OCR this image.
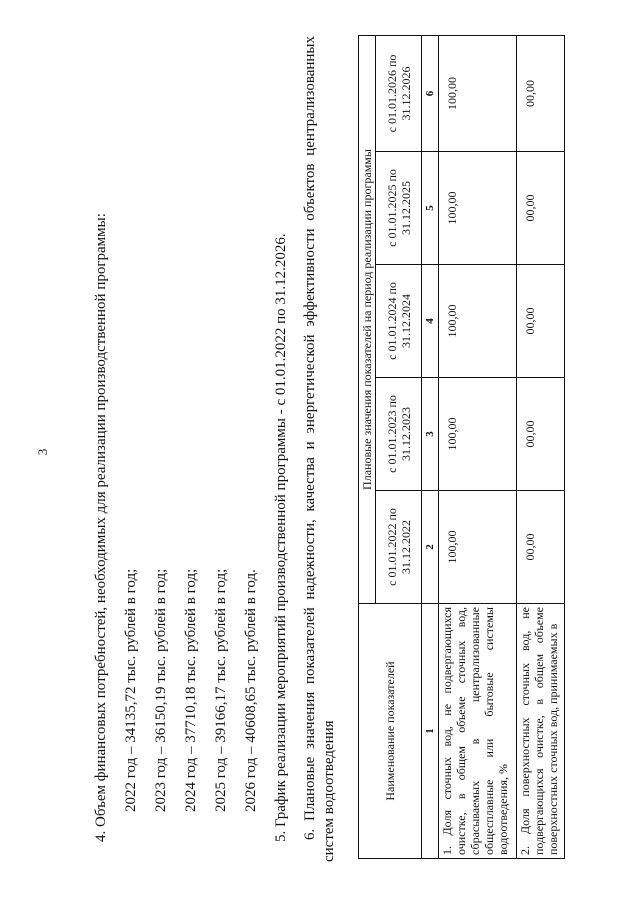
3	4. Объем финансовых потребностей, необходимых для реализации производственной программы: 2022 год – 34135,72 тыс. рублей в год; 2023 год – 36150,19 тыс. рублей в год; 2024 год – 37710,18 тыс. рублей в год; 2025 год – 39166,17 тыс. рублей в год; 2026 год – 40608,65 тыс. рублей в год. 5. График реализации мероприятий производственной программы - с 01.01.2022 по 31.12.2026. 6. Плановые значения показателей надежности, качества и энергетической эффективности объектов централизованных систем водоотведения	Наименование показателей	Плановые значения показателей на период реализации программы				
	с 01.01.2022 по 31.12.2022	с 01.01.2023 по 31.12.2023	с 01.01.2024 по 31.12.2024	с 01.01.2025 по 31.12.2025	с 01.01.2026 по 31.12.2026
1	2	3	4	5	6
1. Доля сточных вод, не подвергающихся очистке, в общем объеме сточных вод, сбрасываемых в централизованные общесплавные или бытовые системы водоотведения, %	100,00	100,00	100,00	100,00	100,00
2. Доля поверхностных сточных вод, не подвергающихся очистке, в общем объеме поверхностных сточных вод, принимаемых в	00,00	00,00	00,00	00,00	00,00
